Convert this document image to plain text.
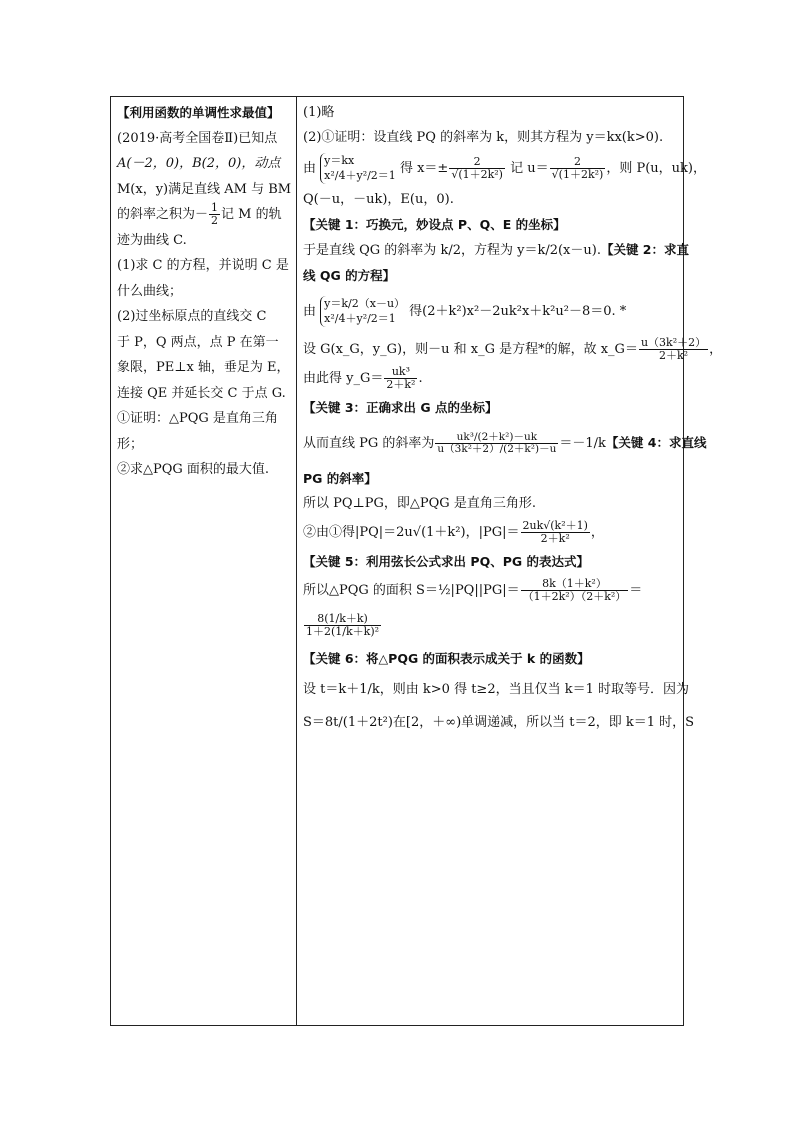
【利用函数的单调性求最值】
(2019·高考全国卷Ⅱ)已知点
A(－2，0)，B(2，0)，动点
M(x，y)满足直线 AM 与 BM
的斜率之积为－ $\frac{1}{2}$ 记 M 的轨
迹为曲线 C.
(1)求 C 的方程，并说明 C 是
什么曲线；
(2)过坐标原点的直线交 C
于 P，Q 两点，点 P 在第一
象限，PE⊥x 轴，垂足为 E，
连接 QE 并延长交 C 于点 G.
①证明：△PQG 是直角三角
形；
②求△PQG 面积的最大值.
(1)略
(2)①证明：设直线 PQ 的斜率为 k，则其方程为 y＝kx(k>0).
由
y＝kx
x²/4＋y²/2＝1 得 $x=\pm \frac{2}{\text{√(1＋2k²)}}$ 记 $u= \frac{2}{\text{√(1＋2k²)}}$ ，则 P(u，uk)，
Q(－u，－uk)，E(u，0).
【关键 1：巧换元，妙设点 P、Q、E 的坐标】
于是直线 QG 的斜率为 k/2，方程为 y＝k/2(x－u).【关键 2：求直
线 QG 的方程】
由
y＝k/2（x－u）
x²/4＋y²/2＝1	得(2＋k²)x²－2uk²x＋k²u²－8＝0. *
设 G(x_G，y_G)，则－u 和 x_G 是方程*的解，故 x_G＝ $\frac{\text{u（3k²＋2）}}{\text{2＋k²}}$ ，
由此得 y_G＝ $\frac{\text{uk³}}{\text{2＋k²}}$ .
【关键 3：正确求出 G 点的坐标】
从而直线 PG 的斜率为 $\frac{\text{uk³/(2＋k²)－uk}}{\text{u（3k²＋2）/(2＋k²)－u}} =-1/k$【关键 4：求直线
PG 的斜率】
所以 PQ⊥PG，即△PQG 是直角三角形.
②由①得|PQ|＝2u√(1＋k²)，$|PG|= \frac{\text{2uk√(k²＋1)}}{\text{2＋k²}}$ ，
【关键 5：利用弦长公式求出 PQ、PG 的表达式】
所以△PQG 的面积 S＝½|PQ||PG|＝ $\frac{\text{8k（1＋k²）}}{\text{（1＋2k²）（2＋k²）}}$ ＝
$\frac{8(1/k+k)}{\text{1＋2(1/k＋k)²}}$
【关键 6：将△PQG 的面积表示成关于 k 的函数】
设 t＝k＋1/k，则由 k>0 得 t≥2，当且仅当 k＝1 时取等号．因为
S＝8t/(1＋2t²)在[2，＋∞)单调递减，所以当 t＝2，即 k＝1 时，S
